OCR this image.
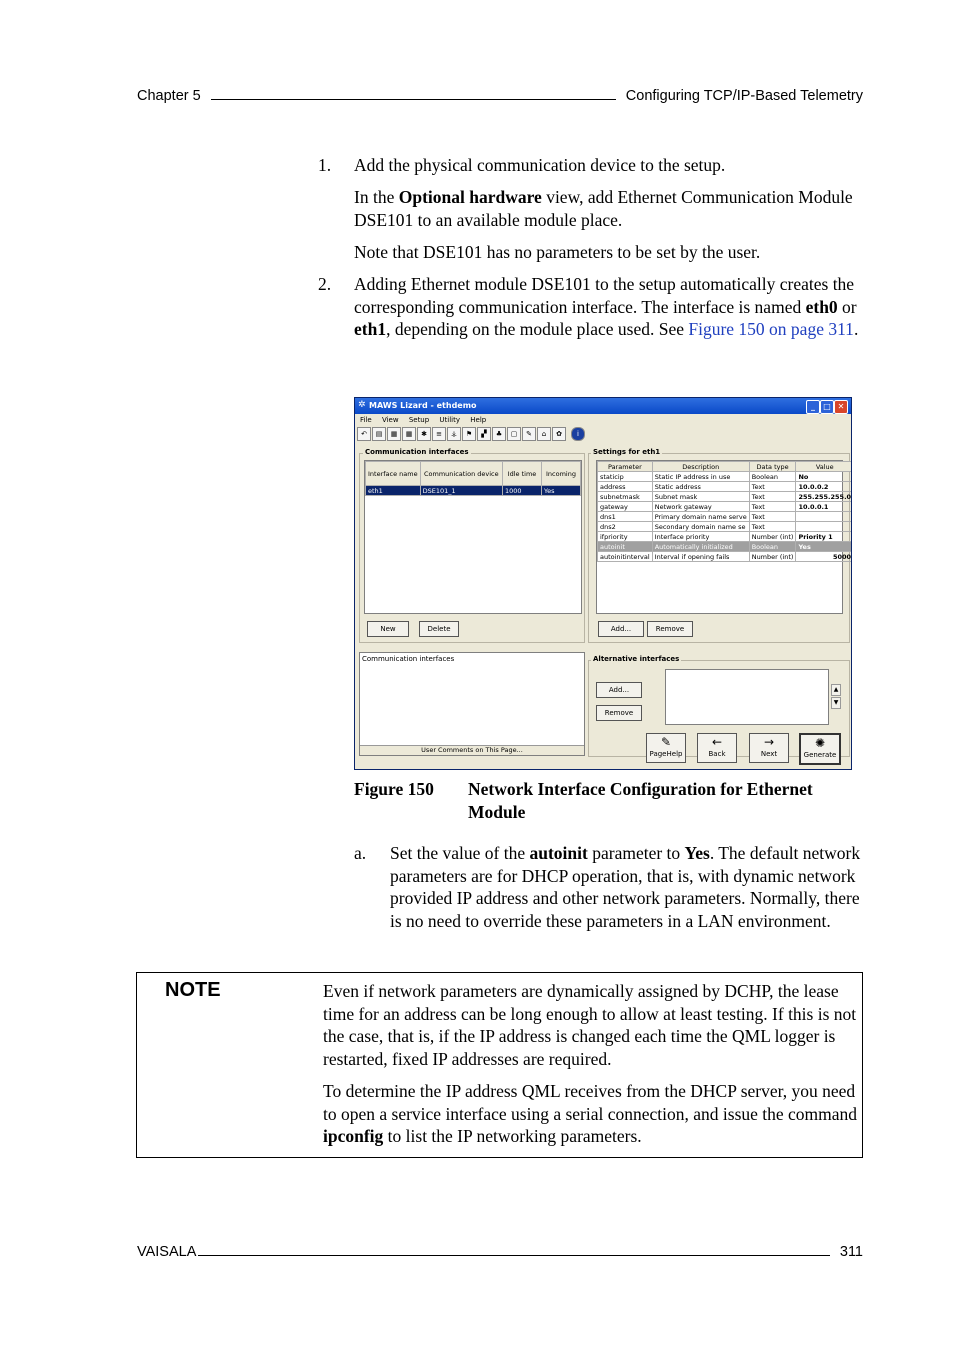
Chapter 5	Configuring TCP/IP-Based Telemetry
1. Add the physical communication device to the setup.
In the Optional hardware view, add Ethernet Communication Module DSE101 to an available module place.
Note that DSE101 has no parameters to be set by the user.
2. Adding Ethernet module DSE101 to the setup automatically creates the corresponding communication interface. The interface is named eth0 or eth1, depending on the module place used. See Figure 150 on page 311.
✲ MAWS Lizard - ethdemo	_	□ ✕
File View Setup Utility Help
↶	▤	▦	▦	✱	≡	⚶	⚑	▞	♣	▢	✎	⌂	✿	i
Communication interfaces
Interface name	Communication device	Idle time	Incoming
eth1	DSE101_1	1000	Yes
New	Delete
Settings for eth1
Parameter	Description	Data type	Value
staticip	Static IP address in use	Boolean	No
address	Static address	Text	10.0.0.2
subnetmask	Subnet mask	Text	255.255.255.0
gateway	Network gateway	Text	10.0.0.1
dns1	Primary domain name serve	Text	
dns2	Secondary domain name se	Text	
ifpriority	Interface priority	Number (int)	Priority 1
autoinit	Automatically initialized	Boolean	Yes
autoinitinterval	Interval if opening fails	Number (int)	5000
Add...	Remove
Communication interfaces
User Comments on This Page...
Alternative interfaces
Add...
Remove
▲
▼
✎
PageHelp
←
Back
→
Next
✺
Generate
Figure 150 Network Interface Configuration for Ethernet
Module
a. Set the value of the autoinit parameter to Yes. The default network parameters are for DHCP operation, that is, with dynamic network provided IP address and other network parameters. Normally, there is no need to override these parameters in a LAN environment.
NOTE	Even if network parameters are dynamically assigned by DCHP, the lease time for an address can be long enough to allow at least testing. If this is not the case, that is, if the IP address is changed each time the QML logger is restarted, fixed IP addresses are required.
To determine the IP address QML receives from the DHCP server, you need to open a service interface using a serial connection, and issue the command ipconfig to list the IP networking parameters.
VAISALA	311
